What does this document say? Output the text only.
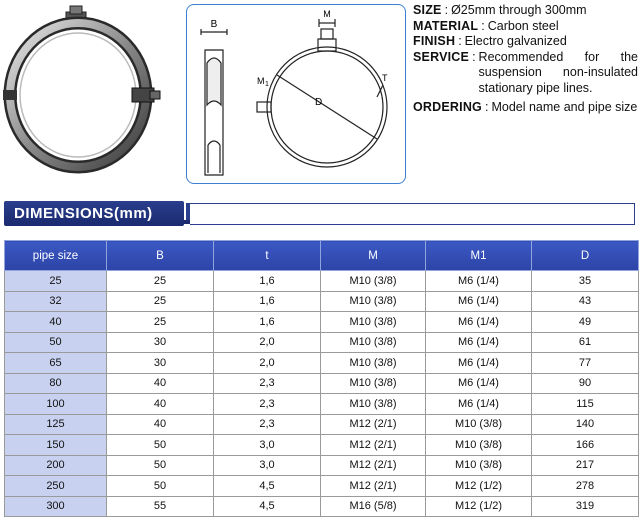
B
M
M 1
T
D
SIZE : Ø25mm through 300mm
MATERIAL : Carbon steel
FINISH : Electro galvanized
SERVICE : Recommended for the suspension non-insulated stationary pipe lines.
ORDERING : Model name and pipe size
DIMENSIONS(mm)
pipe size	B	t	M	M1	D
25	25	1,6	M10 (3/8)	M6 (1/4)	35
32	25	1,6	M10 (3/8)	M6 (1/4)	43
40	25	1,6	M10 (3/8)	M6 (1/4)	49
50	30	2,0	M10 (3/8)	M6 (1/4)	61
65	30	2,0	M10 (3/8)	M6 (1/4)	77
80	40	2,3	M10 (3/8)	M6 (1/4)	90
100	40	2,3	M10 (3/8)	M6 (1/4)	115
125	40	2,3	M12 (2/1)	M10 (3/8)	140
150	50	3,0	M12 (2/1)	M10 (3/8)	166
200	50	3,0	M12 (2/1)	M10 (3/8)	217
250	50	4,5	M12 (2/1)	M12 (1/2)	278
300	55	4,5	M16 (5/8)	M12 (1/2)	319
